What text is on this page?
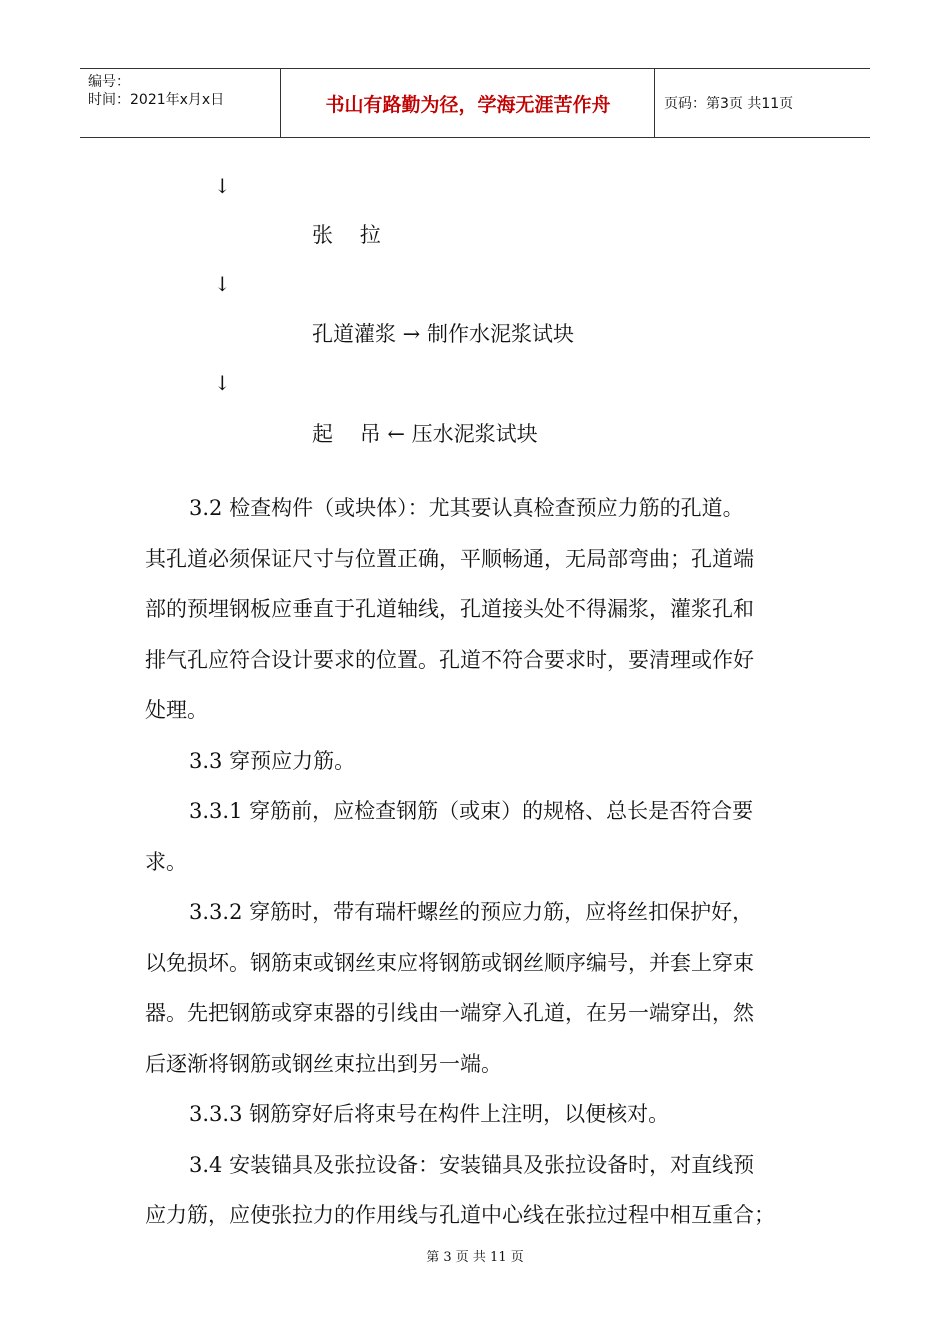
编号：
时间：2021年x月x日	书山有路勤为径，学海无涯苦作舟	页码：第3页 共11页
↓
张    拉
↓
孔道灌浆 → 制作水泥浆试块
↓
起    吊 ← 压水泥浆试块
3.2 检查构件（或块体）：尤其要认真检查预应力筋的孔道。
其孔道必须保证尺寸与位置正确，平顺畅通，无局部弯曲；孔道端
部的预埋钢板应垂直于孔道轴线，孔道接头处不得漏浆，灌浆孔和
排气孔应符合设计要求的位置。孔道不符合要求时，要清理或作好
处理。
3.3 穿预应力筋。
3.3.1 穿筋前，应检查钢筋（或束）的规格、总长是否符合要
求。
3.3.2 穿筋时，带有瑞杆螺丝的预应力筋，应将丝扣保护好，
以免损坏。钢筋束或钢丝束应将钢筋或钢丝顺序编号，并套上穿束
器。先把钢筋或穿束器的引线由一端穿入孔道，在另一端穿出，然
后逐渐将钢筋或钢丝束拉出到另一端。
3.3.3 钢筋穿好后将束号在构件上注明，以便核对。
3.4 安装锚具及张拉设备：安装锚具及张拉设备时，对直线预
应力筋，应使张拉力的作用线与孔道中心线在张拉过程中相互重合；
第 3 页 共 11 页
